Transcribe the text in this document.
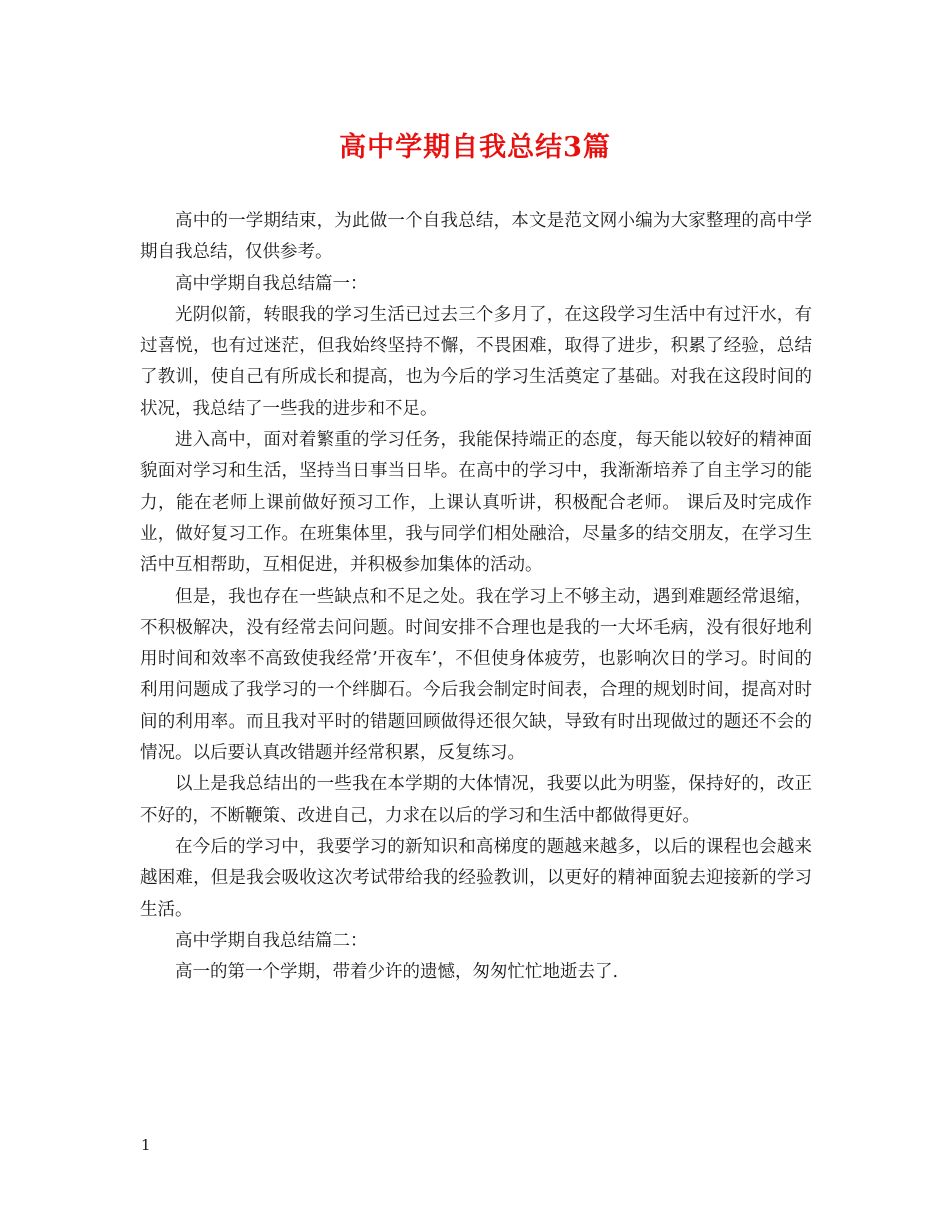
高中学期自我总结3篇

高中的一学期结束，为此做一个自我总结，本文是范文网小编为大家整理的高中学期自我总结，仅供参考。

高中学期自我总结篇一：

光阴似箭，转眼我的学习生活已过去三个多月了，在这段学习生活中有过汗水，有过喜悦，也有过迷茫，但我始终坚持不懈，不畏困难，取得了进步，积累了经验，总结了教训，使自己有所成长和提高，也为今后的学习生活奠定了基础。对我在这段时间的状况，我总结了一些我的进步和不足。

进入高中，面对着繁重的学习任务，我能保持端正的态度，每天能以较好的精神面貌面对学习和生活，坚持当日事当日毕。在高中的学习中，我渐渐培养了自主学习的能力，能在老师上课前做好预习工作，上课认真听讲，积极配合老师。 课后及时完成作业，做好复习工作。在班集体里，我与同学们相处融洽，尽量多的结交朋友，在学习生活中互相帮助，互相促进，并积极参加集体的活动。

但是，我也存在一些缺点和不足之处。我在学习上不够主动，遇到难题经常退缩，不积极解决，没有经常去问问题。时间安排不合理也是我的一大坏毛病，没有很好地利用时间和效率不高致使我经常’开夜车’，不但使身体疲劳，也影响次日的学习。时间的利用问题成了我学习的一个绊脚石。今后我会制定时间表，合理的规划时间，提高对时间的利用率。而且我对平时的错题回顾做得还很欠缺，导致有时出现做过的题还不会的情况。以后要认真改错题并经常积累，反复练习。

以上是我总结出的一些我在本学期的大体情况，我要以此为明鉴，保持好的，改正不好的，不断鞭策、改进自己，力求在以后的学习和生活中都做得更好。

在今后的学习中，我要学习的新知识和高梯度的题越来越多，以后的课程也会越来越困难，但是我会吸收这次考试带给我的经验教训，以更好的精神面貌去迎接新的学习生活。

高中学期自我总结篇二：

高一的第一个学期，带着少许的遗憾，匆匆忙忙地逝去了.

1
